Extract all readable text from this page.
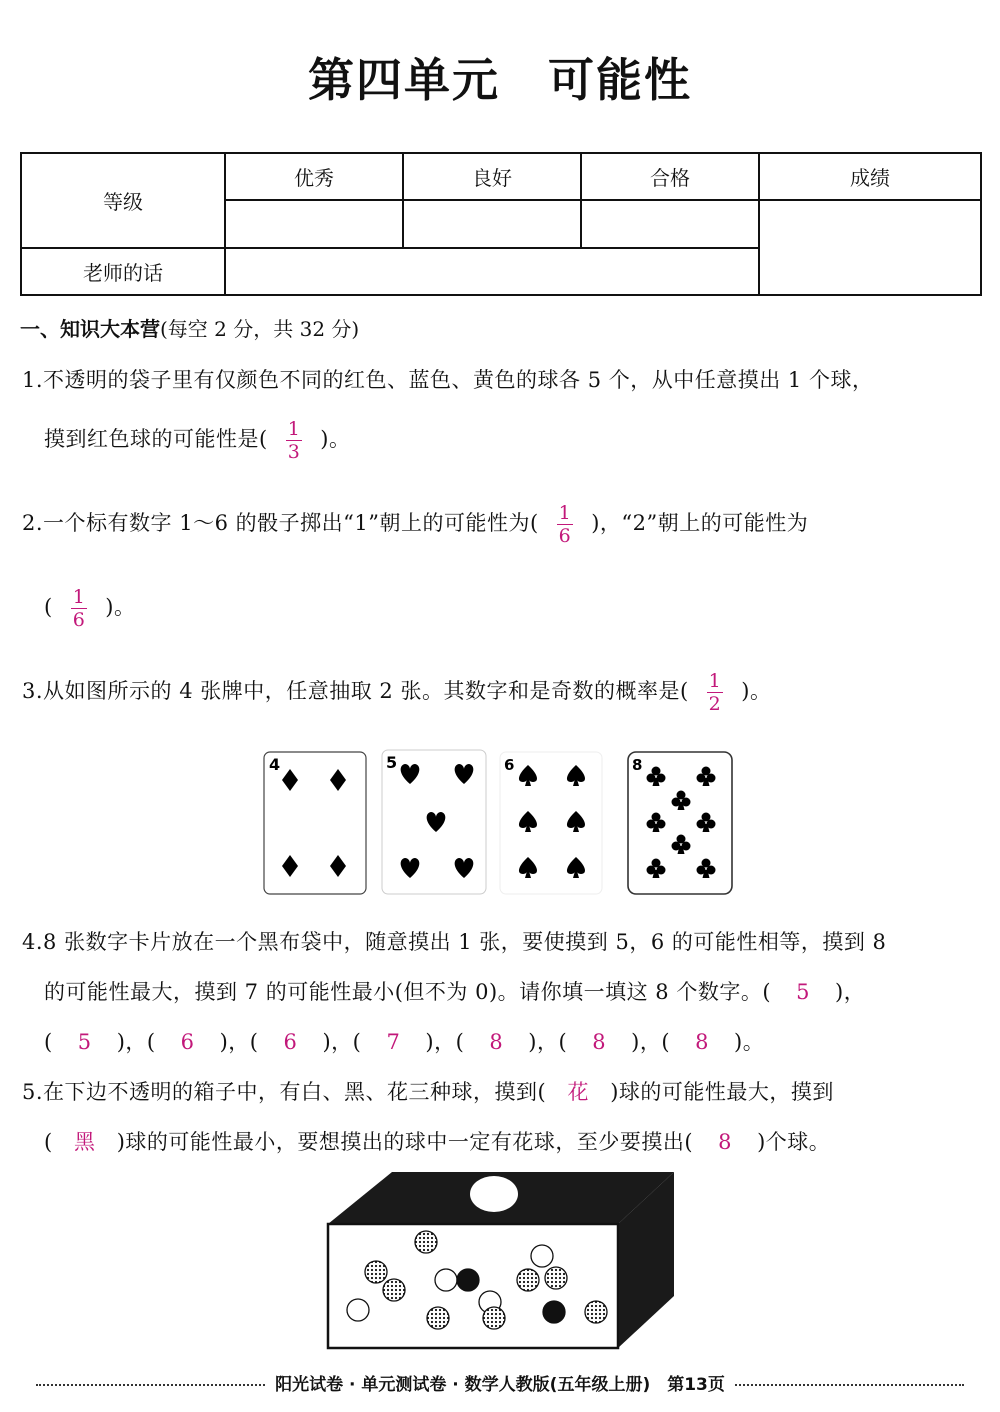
第四单元　可能性
等级	优秀	良好	合格	成绩

老师的话				
一、知识大本营(每空 2 分，共 32 分)
1.不透明的袋子里有仅颜色不同的红色、蓝色、黄色的球各 5 个，从中任意摸出 1 个球，
摸到红色球的可能性是( $\frac{1}{3}$ )。
2.一个标有数字 1～6 的骰子掷出“1”朝上的可能性为( $\frac{1}{6}$ )，“2”朝上的可能性为
( $\frac{1}{6}$ )。
3.从如图所示的 4 张牌中，任意抽取 2 张。其数字和是奇数的概率是( $\frac{1}{2}$ )。
4	5	6	8
4.8 张数字卡片放在一个黑布袋中，随意摸出 1 张，要使摸到 5，6 的可能性相等，摸到 8
的可能性最大，摸到 7 的可能性最小(但不为 0)。请你填一填这 8 个数字。( 5 )，
( 5 )，( 6 )，( 6 )，( 7 )，( 8 )，( 8 )，( 8 )。
5.在下边不透明的箱子中，有白、黑、花三种球，摸到( 花 )球的可能性最大，摸到
( 黑 )球的可能性最小，要想摸出的球中一定有花球，至少要摸出( 8 )个球。
阳光试卷 · 单元测试卷 · 数学人教版(五年级上册)　第13页
